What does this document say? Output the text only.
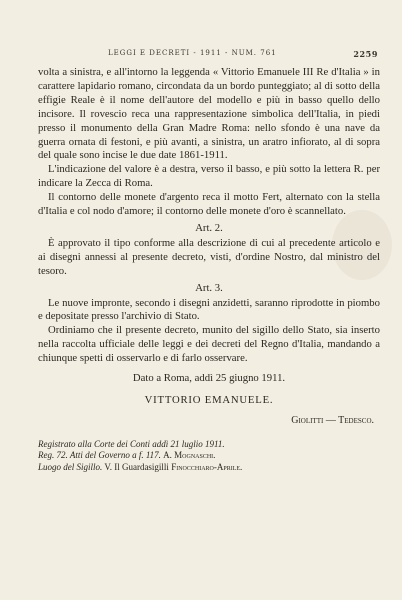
LEGGI E DECRETI - 1911 - NUM. 761	2259

volta a sinistra, e all'intorno la leggenda « Vittorio Emanuele III Re d'Italia » in carattere lapidario romano, circondata da un bordo punteggiato; al di sotto della effigie Reale è il nome dell'autore del modello e più in basso quello dello incisore. Il rovescio reca una rappresentazione simbolica dell'Italia, in piedi presso il monumento della Gran Madre Roma: nello sfondo è una nave da guerra ornata di festoni, e più avanti, a sinistra, un aratro infiorato, al di sopra del quale sono incise le due date 1861-1911.

L'indicazione del valore è a destra, verso il basso, e più sotto la lettera R. per indicare la Zecca di Roma.

Il contorno delle monete d'argento reca il motto Fert, alternato con la stella d'Italia e col nodo d'amore; il contorno delle monete d'oro è scannellato.

Art. 2.

È approvato il tipo conforme alla descrizione di cui al precedente articolo e ai disegni annessi al presente decreto, visti, d'ordine Nostro, dal ministro del tesoro.

Art. 3.

Le nuove impronte, secondo i disegni anzidetti, saranno riprodotte in piombo e depositate presso l'archivio di Stato.

Ordiniamo che il presente decreto, munito del sigillo dello Stato, sia inserto nella raccolta ufficiale delle leggi e dei decreti del Regno d'Italia, mandando a chiunque spetti di osservarlo e di farlo osservare.

Dato a Roma, addì 25 giugno 1911.
VITTORIO EMANUELE.
Giolitti — Tedesco.
Registrato alla Corte dei Conti addì 21 luglio 1911.
Reg. 72. Atti del Governo a f. 117. A. Mognaschi.
Luogo del Sigillo. V. Il Guardasigilli Finocchiaro-Aprile.
